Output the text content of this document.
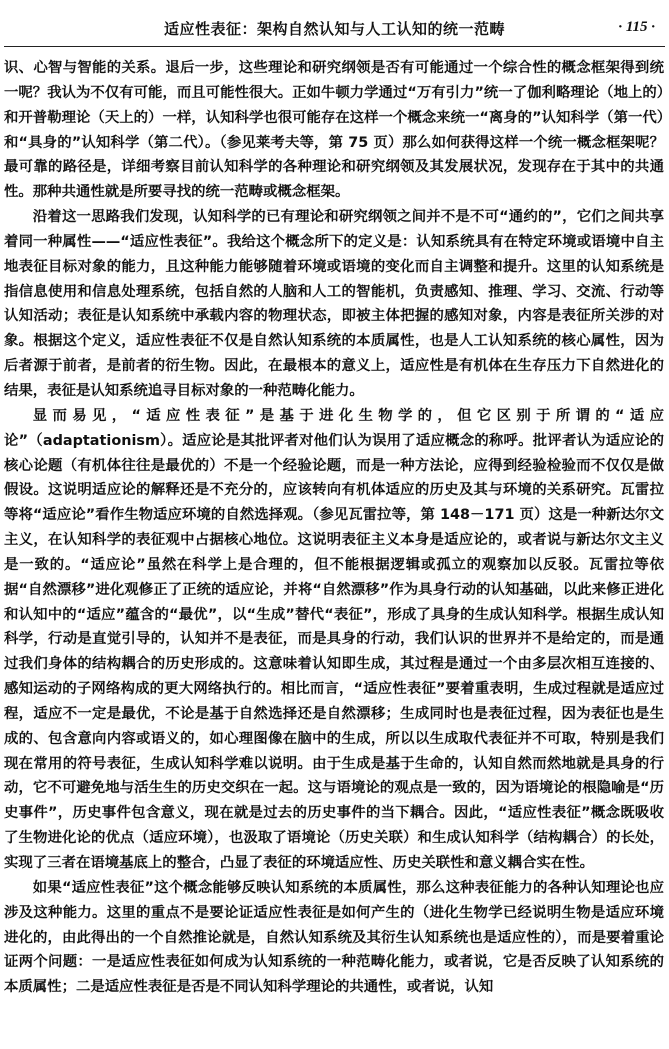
适应性表征：架构自然认知与人工认知的统一范畴	· 115 ·

识、心智与智能的关系。退后一步，这些理论和研究纲领是否有可能通过一个综合性的概念框架得到统一呢？我认为不仅有可能，而且可能性很大。正如牛顿力学通过“万有引力”统一了伽利略理论（地上的）和开普勒理论（天上的）一样，认知科学也很可能存在这样一个概念来统一“离身的”认知科学（第一代）和“具身的”认知科学（第二代）。（参见莱考夫等，第 75 页）那么如何获得这样一个统一概念框架呢？最可靠的路径是，详细考察目前认知科学的各种理论和研究纲领及其发展状况，发现存在于其中的共通性。那种共通性就是所要寻找的统一范畴或概念框架。

沿着这一思路我们发现，认知科学的已有理论和研究纲领之间并不是不可“通约的”，它们之间共享着同一种属性——“适应性表征”。我给这个概念所下的定义是：认知系统具有在特定环境或语境中自主地表征目标对象的能力，且这种能力能够随着环境或语境的变化而自主调整和提升。这里的认知系统是指信息使用和信息处理系统，包括自然的人脑和人工的智能机，负责感知、推理、学习、交流、行动等认知活动；表征是认知系统中承载内容的物理状态，即被主体把握的感知对象，内容是表征所关涉的对象。根据这个定义，适应性表征不仅是自然认知系统的本质属性，也是人工认知系统的核心属性，因为后者源于前者，是前者的衍生物。因此，在最根本的意义上，适应性是有机体在生存压力下自然进化的结果，表征是认知系统追寻目标对象的一种范畴化能力。

显而易见，“适应性表征”是基于进化生物学的，但它区别于所谓的“适应论”（adaptationism）。适应论是其批评者对他们认为误用了适应概念的称呼。批评者认为适应论的核心论题（有机体往往是最优的）不是一个经验论题，而是一种方法论，应得到经验检验而不仅仅是做假设。这说明适应论的解释还是不充分的，应该转向有机体适应的历史及其与环境的关系研究。瓦雷拉等将“适应论”看作生物适应环境的自然选择观。（参见瓦雷拉等，第 148－171 页）这是一种新达尔文主义，在认知科学的表征观中占据核心地位。这说明表征主义本身是适应论的，或者说与新达尔文主义是一致的。“适应论”虽然在科学上是合理的，但不能根据逻辑或孤立的观察加以反驳。瓦雷拉等依据“自然漂移”进化观修正了正统的适应论，并将“自然漂移”作为具身行动的认知基础，以此来修正进化和认知中的“适应”蕴含的“最优”，以“生成”替代“表征”，形成了具身的生成认知科学。根据生成认知科学，行动是直觉引导的，认知并不是表征，而是具身的行动，我们认识的世界并不是给定的，而是通过我们身体的结构耦合的历史形成的。这意味着认知即生成，其过程是通过一个由多层次相互连接的、感知运动的子网络构成的更大网络执行的。相比而言，“适应性表征”要着重表明，生成过程就是适应过程，适应不一定是最优，不论是基于自然选择还是自然漂移；生成同时也是表征过程，因为表征也是生成的、包含意向内容或语义的，如心理图像在脑中的生成，所以以生成取代表征并不可取，特别是我们现在常用的符号表征，生成认知科学难以说明。由于生成是基于生命的，认知自然而然地就是具身的行动，它不可避免地与活生生的历史交织在一起。这与语境论的观点是一致的，因为语境论的根隐喻是“历史事件”，历史事件包含意义，现在就是过去的历史事件的当下耦合。因此，“适应性表征”概念既吸收了生物进化论的优点（适应环境），也汲取了语境论（历史关联）和生成认知科学（结构耦合）的长处，实现了三者在语境基底上的整合，凸显了表征的环境适应性、历史关联性和意义耦合实在性。

如果“适应性表征”这个概念能够反映认知系统的本质属性，那么这种表征能力的各种认知理论也应涉及这种能力。这里的重点不是要论证适应性表征是如何产生的（进化生物学已经说明生物是适应环境进化的，由此得出的一个自然推论就是，自然认知系统及其衍生认知系统也是适应性的），而是要着重论证两个问题：一是适应性表征如何成为认知系统的一种范畴化能力，或者说，它是否反映了认知系统的本质属性；二是适应性表征是否是不同认知科学理论的共通性，或者说，认知
